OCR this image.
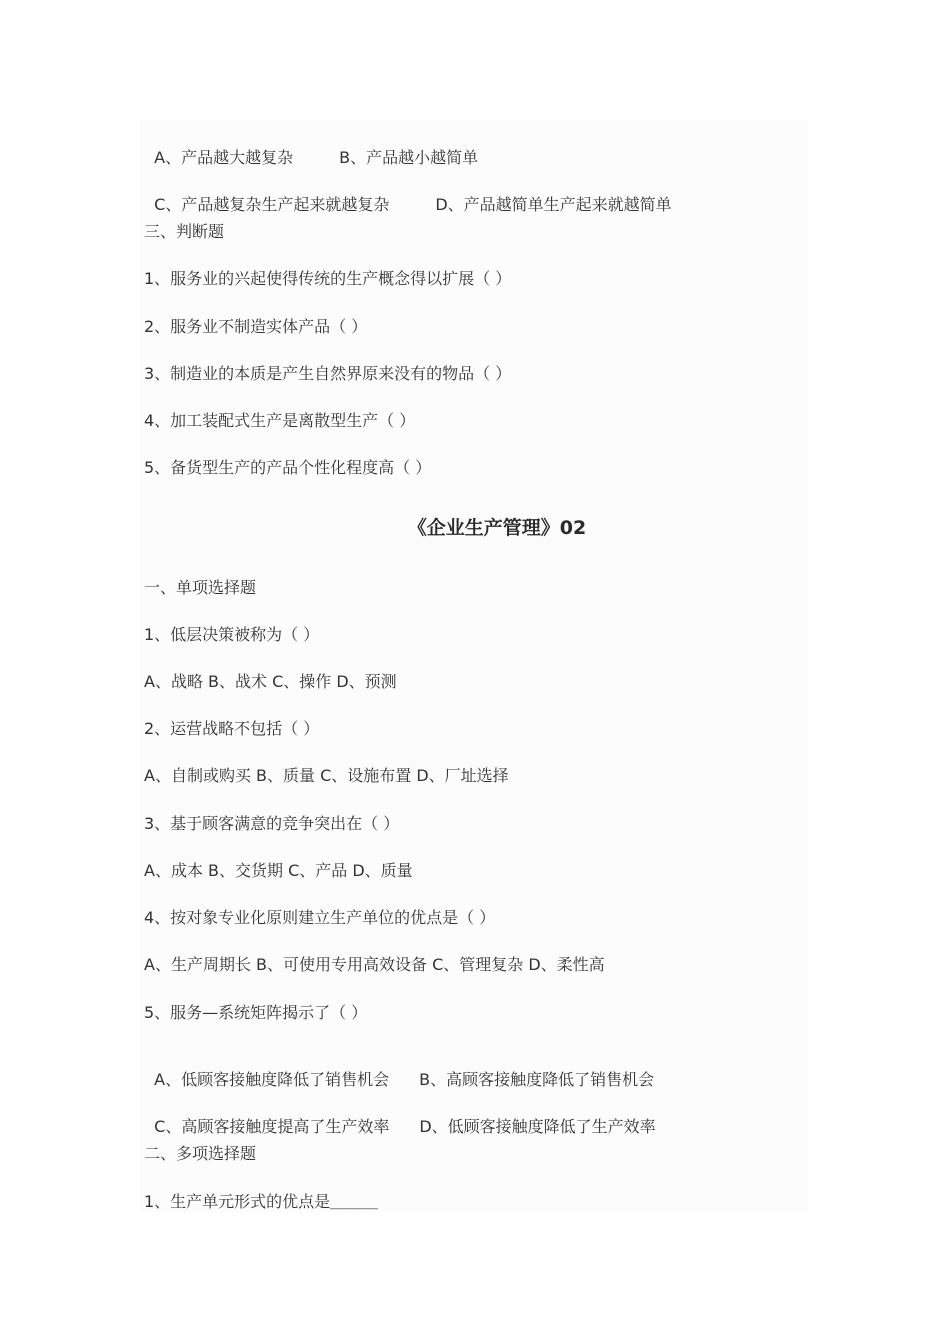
A、产品越大越复杂	B、产品越小越简单

C、产品越复杂生产起来就越复杂	D、产品越简单生产起来就越简单

三、判断题
1、服务业的兴起使得传统的生产概念得以扩展（ ）
2、服务业不制造实体产品（ ）
3、制造业的本质是产生自然界原来没有的物品（ ）
4、加工装配式生产是离散型生产（ ）
5、备货型生产的产品个性化程度高（ ）
《企业生产管理》02
一、单项选择题
1、低层决策被称为（ ）
A、战略 B、战术 C、操作 D、预测
2、运营战略不包括（ ）
A、自制或购买 B、质量 C、设施布置 D、厂址选择
3、基于顾客满意的竞争突出在（ ）
A、成本 B、交货期 C、产品 D、质量
4、按对象专业化原则建立生产单位的优点是（ ）
A、生产周期长 B、可使用专用高效设备 C、管理复杂 D、柔性高
5、服务—系统矩阵揭示了（ ）

A、低顾客接触度降低了销售机会 B、高顾客接触度降低了销售机会

C、高顾客接触度提高了生产效率 D、低顾客接触度降低了生产效率

二、多项选择题
1、生产单元形式的优点是＿＿＿
